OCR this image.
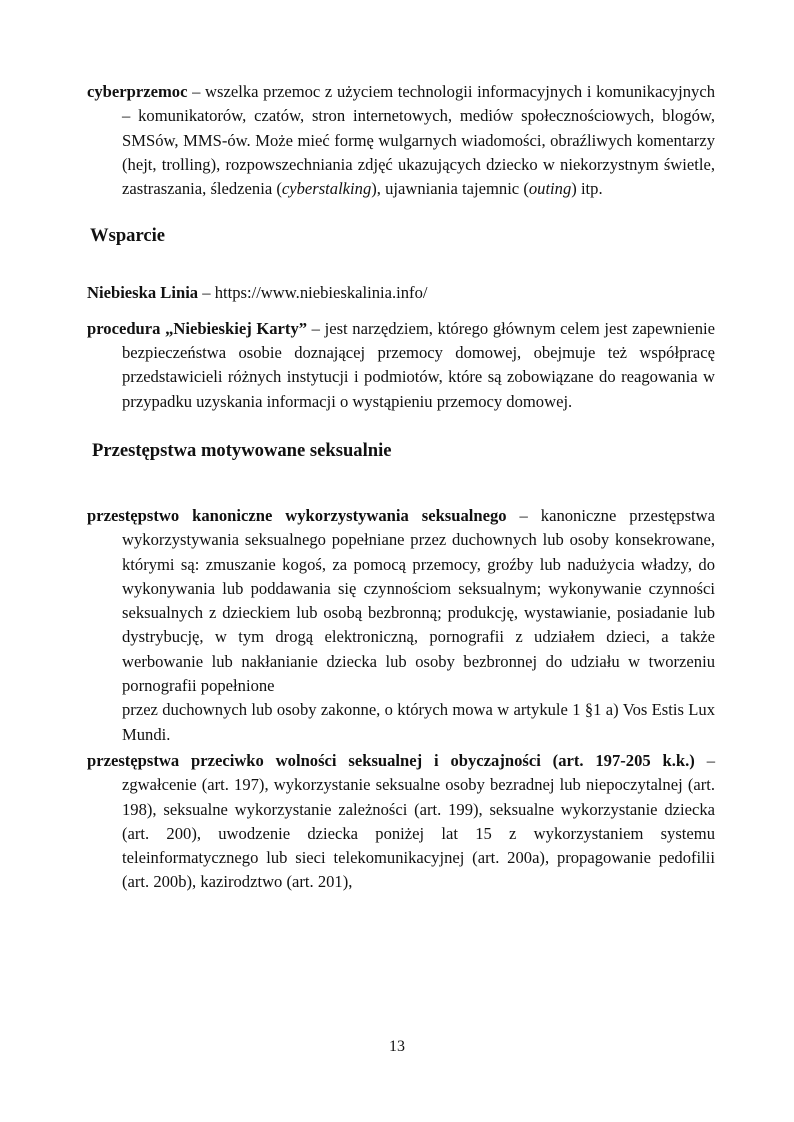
cyberprzemoc – wszelka przemoc z użyciem technologii informacyjnych i komunikacyjnych – komunikatorów, czatów, stron internetowych, mediów społecznościowych, blogów, SMSów, MMS-ów. Może mieć formę wulgarnych wiadomości, obraźliwych komentarzy (hejt, trolling), rozpowszechniania zdjęć ukazujących dziecko w niekorzystnym świetle, zastraszania, śledzenia (cyberstalking), ujawniania tajemnic (outing) itp.

Wsparcie

Niebieska Linia – https://www.niebieskalinia.info/

procedura „Niebieskiej Karty” – jest narzędziem, którego głównym celem jest zapewnienie bezpieczeństwa osobie doznającej przemocy domowej, obejmuje też współpracę przedstawicieli różnych instytucji i podmiotów, które są zobowiązane do reagowania w przypadku uzyskania informacji o wystąpieniu przemocy domowej.

Przestępstwa motywowane seksualnie

przestępstwo kanoniczne wykorzystywania seksualnego – kanoniczne przestępstwa wykorzystywania seksualnego popełniane przez duchownych lub osoby konsekrowane, którymi są: zmuszanie kogoś, za pomocą przemocy, groźby lub nadużycia władzy, do wykonywania lub poddawania się czynnościom seksualnym; wykonywanie czynności seksualnych z dzieckiem lub osobą bezbronną; produkcję, wystawianie, posiadanie lub dystrybucję, w tym drogą elektroniczną, pornografii z udziałem dzieci, a także werbowanie lub nakłanianie dziecka lub osoby bezbronnej do udziału w tworzeniu pornografii popełnione
przez duchownych lub osoby zakonne, o których mowa w artykule 1 §1 a) Vos Estis Lux Mundi.

przestępstwa przeciwko wolności seksualnej i obyczajności (art. 197-205 k.k.) – zgwałcenie (art. 197), wykorzystanie seksualne osoby bezradnej lub niepoczytalnej (art. 198), seksualne wykorzystanie zależności (art. 199), seksualne wykorzystanie dziecka (art. 200), uwodzenie dziecka poniżej lat 15 z wykorzystaniem systemu teleinformatycznego lub sieci telekomunikacyjnej (art. 200a), propagowanie pedofilii (art. 200b), kazirodztwo (art. 201),

13
